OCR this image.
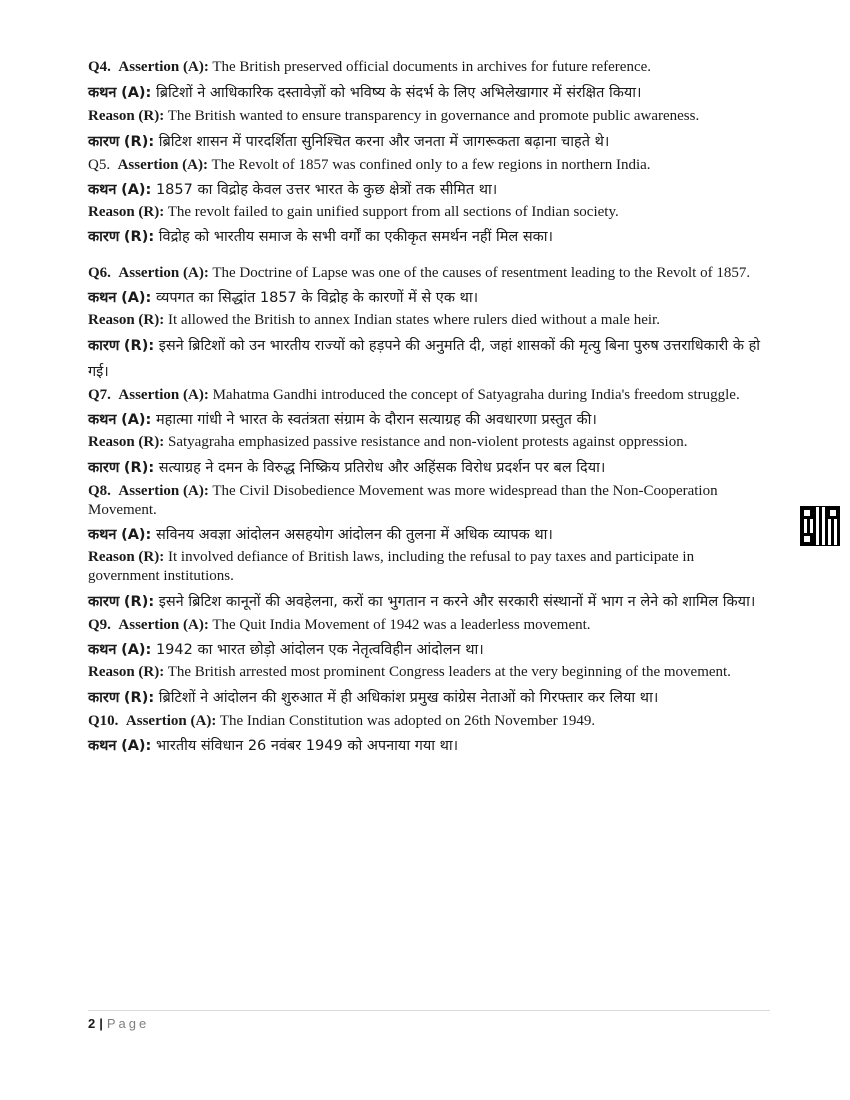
Q4. Assertion (A): The British preserved official documents in archives for future reference.

कथन (A): ब्रिटिशों ने आधिकारिक दस्तावेज़ों को भविष्य के संदर्भ के लिए अभिलेखागार में संरक्षित किया।

Reason (R): The British wanted to ensure transparency in governance and promote public awareness.

कारण (R): ब्रिटिश शासन में पारदर्शिता सुनिश्चित करना और जनता में जागरूकता बढ़ाना चाहते थे।

Q5. Assertion (A): The Revolt of 1857 was confined only to a few regions in northern India.

कथन (A): 1857 का विद्रोह केवल उत्तर भारत के कुछ क्षेत्रों तक सीमित था।

Reason (R): The revolt failed to gain unified support from all sections of Indian society.

कारण (R): विद्रोह को भारतीय समाज के सभी वर्गों का एकीकृत समर्थन नहीं मिल सका।

Q6. Assertion (A): The Doctrine of Lapse was one of the causes of resentment leading to the Revolt of 1857.

कथन (A): व्यपगत का सिद्धांत 1857 के विद्रोह के कारणों में से एक था।

Reason (R): It allowed the British to annex Indian states where rulers died without a male heir.

कारण (R): इसने ब्रिटिशों को उन भारतीय राज्यों को हड़पने की अनुमति दी, जहां शासकों की मृत्यु बिना पुरुष उत्तराधिकारी के हो गई।

Q7. Assertion (A): Mahatma Gandhi introduced the concept of Satyagraha during India's freedom struggle.

कथन (A): महात्मा गांधी ने भारत के स्वतंत्रता संग्राम के दौरान सत्याग्रह की अवधारणा प्रस्तुत की।

Reason (R): Satyagraha emphasized passive resistance and non-violent protests against oppression.

कारण (R): सत्याग्रह ने दमन के विरुद्ध निष्क्रिय प्रतिरोध और अहिंसक विरोध प्रदर्शन पर बल दिया।

Q8. Assertion (A): The Civil Disobedience Movement was more widespread than the Non-Cooperation Movement.

कथन (A): सविनय अवज्ञा आंदोलन असहयोग आंदोलन की तुलना में अधिक व्यापक था।

Reason (R): It involved defiance of British laws, including the refusal to pay taxes and participate in government institutions.

कारण (R): इसने ब्रिटिश कानूनों की अवहेलना, करों का भुगतान न करने और सरकारी संस्थानों में भाग न लेने को शामिल किया।

Q9. Assertion (A): The Quit India Movement of 1942 was a leaderless movement.

कथन (A): 1942 का भारत छोड़ो आंदोलन एक नेतृत्वविहीन आंदोलन था।

Reason (R): The British arrested most prominent Congress leaders at the very beginning of the movement.

कारण (R): ब्रिटिशों ने आंदोलन की शुरुआत में ही अधिकांश प्रमुख कांग्रेस नेताओं को गिरफ्तार कर लिया था।

Q10. Assertion (A): The Indian Constitution was adopted on 26th November 1949.

कथन (A): भारतीय संविधान 26 नवंबर 1949 को अपनाया गया था।

2 | Page
